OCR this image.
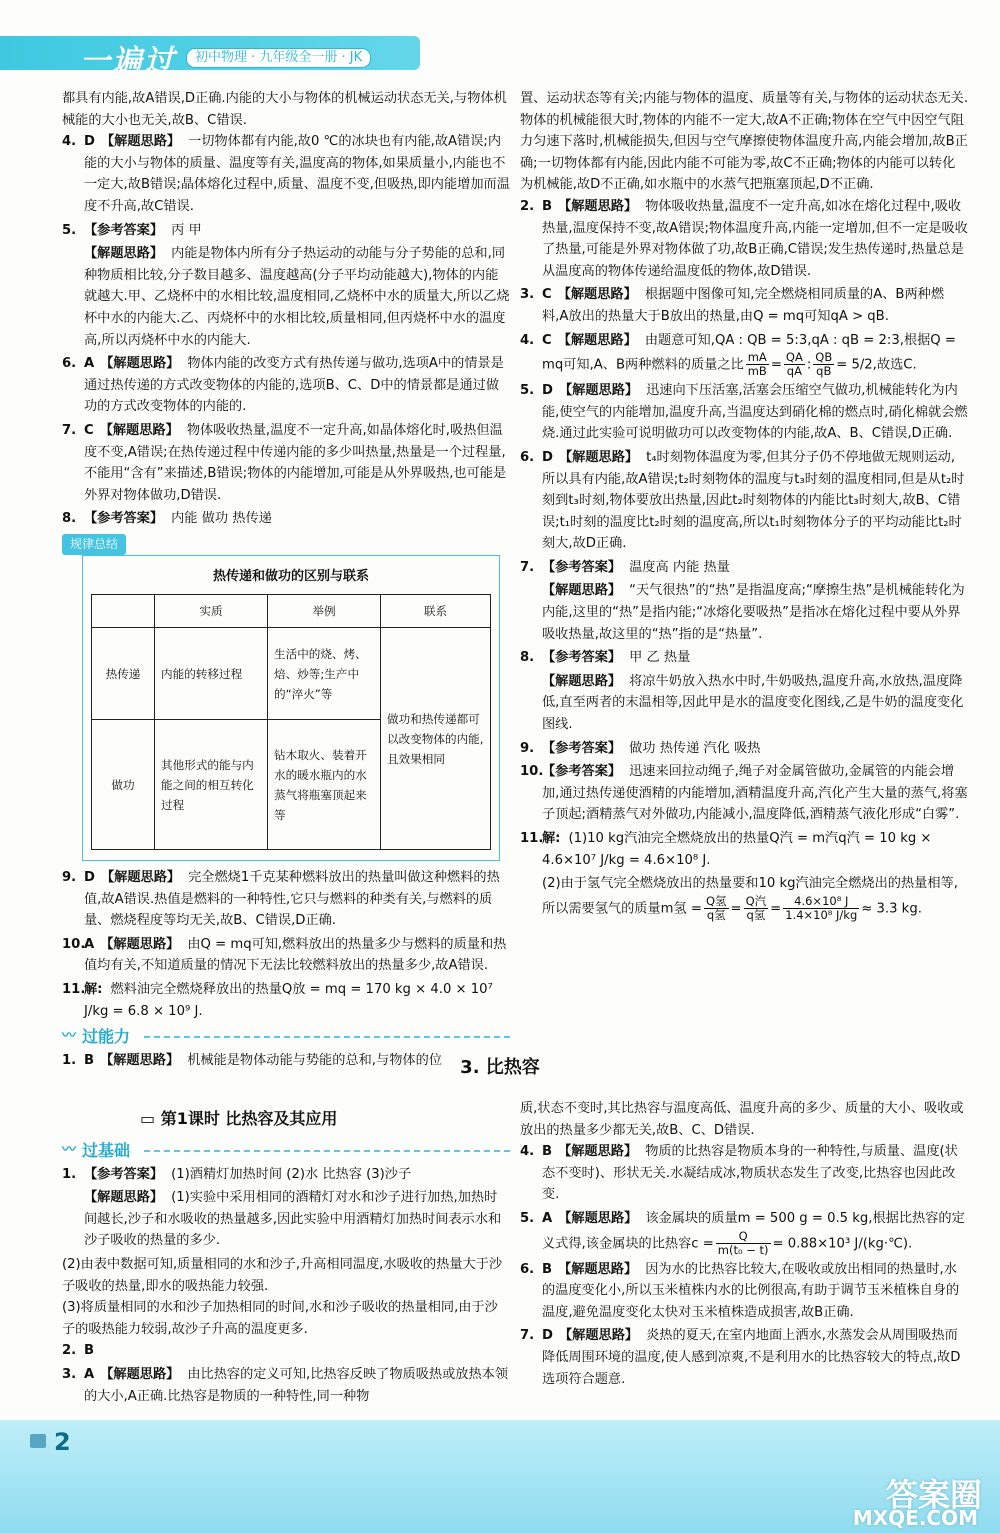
一遍过	初中物理 · 九年级全一册 · JK

都具有内能,故A错误,D正确.内能的大小与物体的机械运动状态无关,与物体机械能的大小也无关,故B、C错误.

4. D 【解题思路】 一切物体都有内能,故0 ℃的冰块也有内能,故A错误;内能的大小与物体的质量、温度等有关,温度高的物体,如果质量小,内能也不一定大,故B错误;晶体熔化过程中,质量、温度不变,但吸热,即内能增加而温度不升高,故C错误.
5. 【参考答案】 丙 甲
【解题思路】 内能是物体内所有分子热运动的动能与分子势能的总和,同种物质相比较,分子数目越多、温度越高(分子平均动能越大),物体的内能就越大.甲、乙烧杯中的水相比较,温度相同,乙烧杯中水的质量大,所以乙烧杯中水的内能大.乙、丙烧杯中的水相比较,质量相同,但丙烧杯中水的温度高,所以丙烧杯中水的内能大.
6. A 【解题思路】 物体内能的改变方式有热传递与做功,选项A中的情景是通过热传递的方式改变物体的内能的,选项B、C、D中的情景都是通过做功的方式改变物体的内能的.
7. C 【解题思路】 物体吸收热量,温度不一定升高,如晶体熔化时,吸热但温度不变,A错误;在热传递过程中传递内能的多少叫热量,热量是一个过程量,不能用“含有”来描述,B错误;物体的内能增加,可能是从外界吸热,也可能是外界对物体做功,D错误.
8. 【参考答案】 内能 做功 热传递
规律总结
热传递和做功的区别与联系
	实质	举例	联系
热传递	内能的转移过程	生活中的烧、烤、焙、炒等;生产中的“淬火”等	做功和热传递都可以改变物体的内能,且效果相同
做功	其他形式的能与内能之间的相互转化过程	钻木取火、装着开水的暖水瓶内的水蒸气将瓶塞顶起来等	
9. D 【解题思路】 完全燃烧1千克某种燃料放出的热量叫做这种燃料的热值,故A错误.热值是燃料的一种特性,它只与燃料的种类有关,与燃料的质量、燃烧程度等均无关,故B、C错误,D正确.
10.
A 【解题思路】 由Q = mq可知,燃料放出的热量多少与燃料的质量和热值均有关,不知道质量的情况下无法比较燃料放出的热量多少,故A错误.
11.
解: 燃料油完全燃烧释放出的热量Q放 = mq = 170 kg × 4.0 × 10⁷ J/kg = 6.8 × 10⁹ J.
〰 过能力
1. B 【解题思路】 机械能是物体动能与势能的总和,与物体的位

置、运动状态等有关;内能与物体的温度、质量等有关,与物体的运动状态无关.物体的机械能很大时,物体的内能不一定大,故A不正确;物体在空气中因空气阻力匀速下落时,机械能损失,但因与空气摩擦使物体温度升高,内能会增加,故B正确;一切物体都有内能,因此内能不可能为零,故C不正确;物体的内能可以转化为机械能,故D不正确,如水瓶中的水蒸气把瓶塞顶起,D不正确.

2. B 【解题思路】 物体吸收热量,温度不一定升高,如冰在熔化过程中,吸收热量,温度保持不变,故A错误;物体温度升高,内能一定增加,但不一定是吸收了热量,可能是外界对物体做了功,故B正确,C错误;发生热传递时,热量总是从温度高的物体传递给温度低的物体,故D错误.
3. C 【解题思路】 根据题中图像可知,完全燃烧相同质量的A、B两种燃料,A放出的热量大于B放出的热量,由Q = mq可知qA > qB.
4. C 【解题思路】 由题意可知,QA : QB = 5:3,qA : qB = 2:3,根据Q = mq可知,A、B两种燃料的质量之比 $\frac{mA}{mB} = \frac{QA}{qA}$ : $\frac{QB}{qB} = 5/2$,故选C.
5. D 【解题思路】 迅速向下压活塞,活塞会压缩空气做功,机械能转化为内能,使空气的内能增加,温度升高,当温度达到硝化棉的燃点时,硝化棉就会燃烧.通过此实验可说明做功可以改变物体的内能,故A、B、C错误,D正确.
6. D 【解题思路】 t₄时刻物体温度为零,但其分子仍不停地做无规则运动,所以具有内能,故A错误;t₂时刻物体的温度与t₃时刻的温度相同,但是从t₂时刻到t₃时刻,物体要放出热量,因此t₂时刻物体的内能比t₃时刻大,故B、C错误;t₁时刻的温度比t₂时刻的温度高,所以t₁时刻物体分子的平均动能比t₂时刻大,故D正确.
7. 【参考答案】 温度高 内能 热量
【解题思路】 “天气很热”的“热”是指温度高;“摩擦生热”是机械能转化为内能,这里的“热”是指内能;“冰熔化要吸热”是指冰在熔化过程中要从外界吸收热量,故这里的“热”指的是“热量”.
8. 【参考答案】 甲 乙 热量
【解题思路】 将凉牛奶放入热水中时,牛奶吸热,温度升高,水放热,温度降低,直至两者的末温相等,因此甲是水的温度变化图线,乙是牛奶的温度变化图线.
9. 【参考答案】 做功 热传递 汽化 吸热
10.
【参考答案】 迅速来回拉动绳子,绳子对金属管做功,金属管的内能会增加,通过热传递使酒精的内能增加,酒精温度升高,汽化产生大量的蒸气,将塞子顶起;酒精蒸气对外做功,内能减小,温度降低,酒精蒸气液化形成“白雾”.
11.
解: (1)10 kg汽油完全燃烧放出的热量Q汽 = m汽q汽 = 10 kg × 4.6×10⁷ J/kg = 4.6×10⁸ J.
(2)由于氢气完全燃烧放出的热量要和10 kg汽油完全燃烧出的热量相等,所以需要氢气的质量m氢 = $\frac{\text{Q氢}}{\text{q氢}} = \frac{\text{Q汽}}{\text{q氢}} = \frac{\text{4.6×10⁸ J}}{\text{1.4×10⁸ J/kg}} \approx 3.3$ kg.
3. 比热容
▭ 第1课时 比热容及其应用
〰 过基础
1. 【参考答案】 (1)酒精灯加热时间 (2)水 比热容 (3)沙子
【解题思路】 (1)实验中采用相同的酒精灯对水和沙子进行加热,加热时间越长,沙子和水吸收的热量越多,因此实验中用酒精灯加热时间表示水和沙子吸收的热量的多少.

(2)由表中数据可知,质量相同的水和沙子,升高相同温度,水吸收的热量大于沙子吸收的热量,即水的吸热能力较强.

(3)将质量相同的水和沙子加热相同的时间,水和沙子吸收的热量相同,由于沙子的吸热能力较弱,故沙子升高的温度更多.

2. B
3. A 【解题思路】 由比热容的定义可知,比热容反映了物质吸热或放热本领的大小,A正确.比热容是物质的一种特性,同一种物

质,状态不变时,其比热容与温度高低、温度升高的多少、质量的大小、吸收或放出的热量多少都无关,故B、C、D错误.

4. B 【解题思路】 物质的比热容是物质本身的一种特性,与质量、温度(状态不变时)、形状无关.水凝结成冰,物质状态发生了改变,比热容也因此改变.
5. A 【解题思路】 该金属块的质量m = 500 g = 0.5 kg,根据比热容的定义式得,该金属块的比热容$c = \frac{Q}{\text{m(t₀ − t)}} = 0.88\times 10^3$ J/(kg·℃).
6. B 【解题思路】 因为水的比热容比较大,在吸收或放出相同的热量时,水的温度变化小,所以玉米植株内水的比例很高,有助于调节玉米植株自身的温度,避免温度变化太快对玉米植株造成损害,故B正确.
7. D 【解题思路】 炎热的夏天,在室内地面上洒水,水蒸发会从周围吸热而降低周围环境的温度,使人感到凉爽,不是利用水的比热容较大的特点,故D选项符合题意.
2
答案圈
MXQE.COM
